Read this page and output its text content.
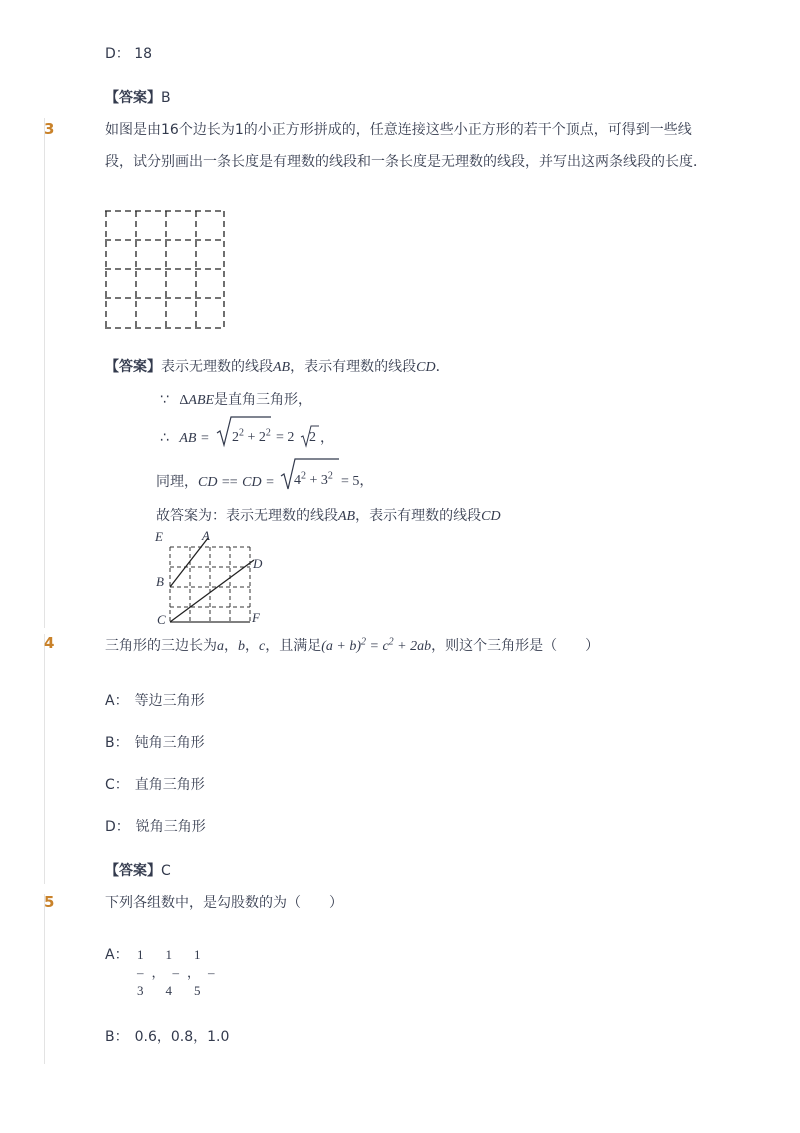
D： 18
【答案】B
3	如图是由16个边长为1的小正方形拼成的，任意连接这些小正方形的若干个顶点，可得到一些线段，试分别画出一条长度是有理数的线段和一条长度是无理数的线段，并写出这两条线段的长度．
【答案】表示无理数的线段AB，表示有理数的线段CD．
∵ ΔABE是直角三角形，
∴ AB = $2^2 + 2^2 = 2$ 2 ，
同理，CD == CD = $4^2 + 3^2 = 5$，
故答案为：表示无理数的线段AB，表示有理数的线段CD
E	A
D
B
C	F
4	三角形的三边长为a，b，c，且满足$(a + b)^2 = c^2 + 2ab$，则这个三角形是（　　）
A： 等边三角形
B： 钝角三角形
C： 直角三角形
D： 锐角三角形
【答案】C
5	下列各组数中，是勾股数的为（　　）
A： 1 1 1
– ， – ， –
3 4 5
B： 0.6，0.8，1.0
